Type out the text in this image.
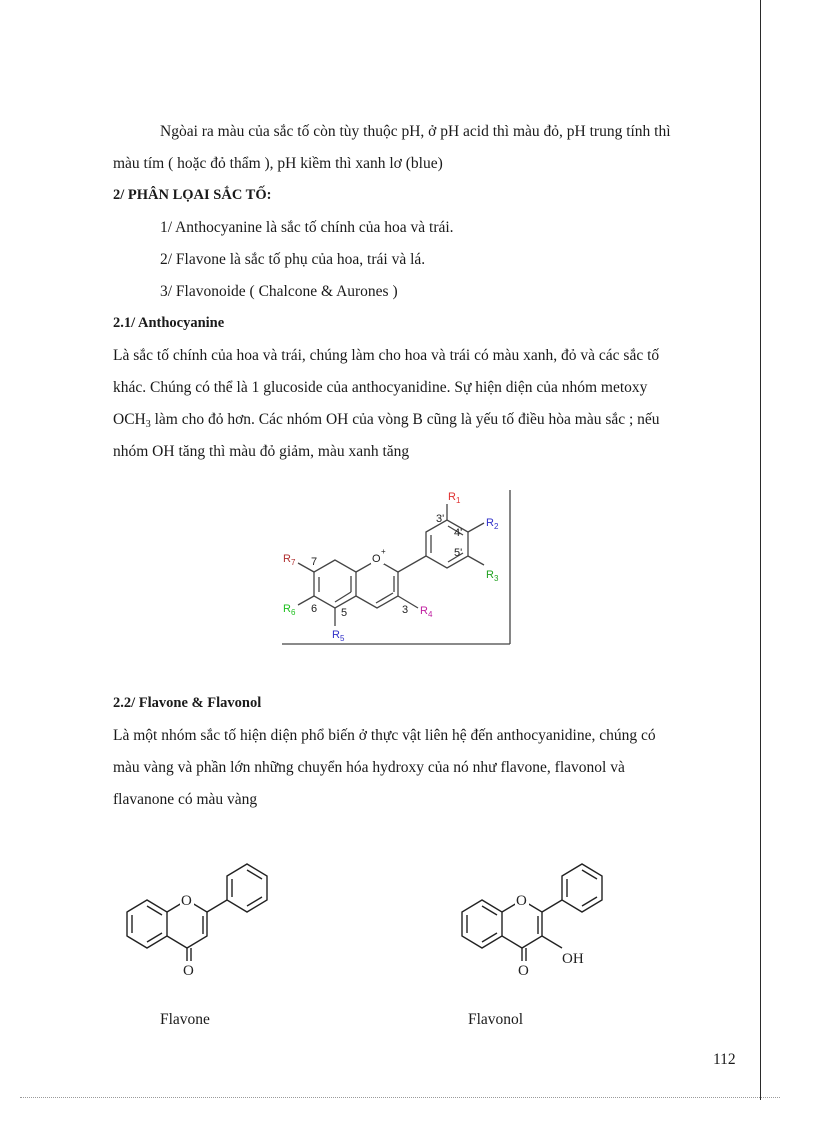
Ngòai ra màu của sắc tố còn tùy thuộc pH, ở pH acid thì màu đỏ, pH trung tính thì

màu tím ( hoặc đỏ thẩm ), pH kiềm thì xanh lơ (blue)

2/ PHÂN LỌAI SẮC TỐ:

1/ Anthocyanine là sắc tố chính của hoa và trái.

2/ Flavone là sắc tố phụ của hoa, trái và lá.

3/ Flavonoide ( Chalcone & Aurones )

2.1/ Anthocyanine

Là sắc tố chính của hoa và trái, chúng làm cho hoa và trái có màu xanh, đỏ và các sắc tố

khác. Chúng có thể là 1 glucoside của anthocyanidine. Sự hiện diện của nhóm metoxy

$OCH_3$ làm cho đỏ hơn. Các nhóm OH của vòng B cũng là yếu tố điều hòa màu sắc ; nếu

nhóm OH tăng thì màu đỏ giảm, màu xanh tăng

O
+
7
6 5	3
3'
4'
5'
$R_1$
$R_2$
$R_3$
$R_4$
$R_5$
$R_6$
$R_7$

2.2/ Flavone & Flavonol

Là một nhóm sắc tố hiện diện phổ biến ở thực vật liên hệ đến anthocyanidine, chúng có

màu vàng và phần lớn những chuyển hóa hydroxy của nó như flavone, flavonol và

flavanone có màu vàng

O
O
O
O
OH
Flavone	Flavonol
112
